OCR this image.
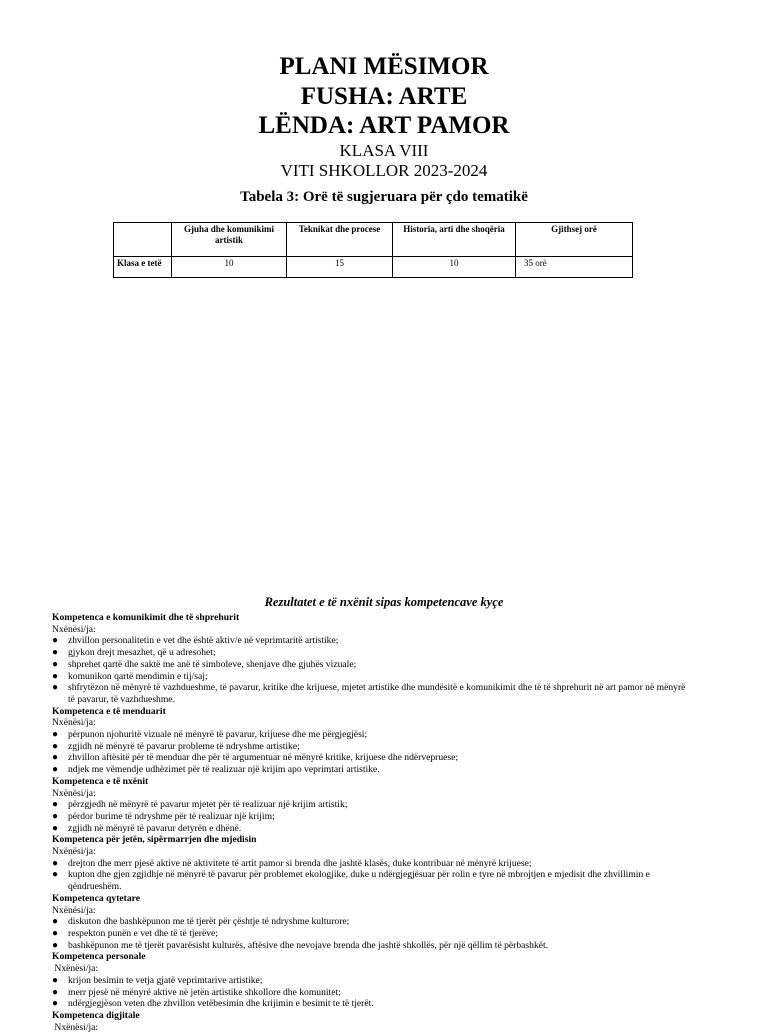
PLANI MËSIMOR
FUSHA: ARTE
LËNDA: ART PAMOR
KLASA VIII
VITI SHKOLLOR 2023-2024
Tabela 3: Orë të sugjeruara për çdo tematikë
	Gjuha dhe komunikimi artistik	Teknikat dhe procese	Historia, arti dhe shoqëria	Gjithsej orë
Klasa e tetë	10	15	10	35 orë
Rezultatet e të nxënit sipas kompetencave kyçe
Kompetenca e komunikimit dhe të shprehurit
Nxënësi/ja:
● zhvillon personalitetin e vet dhe është aktiv/e në veprimtaritë artistike;
● gjykon drejt mesazhet, që u adresohet;
● shprehet qartë dhe saktë me anë të simboleve, shenjave dhe gjuhës vizuale;
● komunikon qartë mendimin e tij/saj;
● shfrytëzon në mënyrë të vazhdueshme, të pavarur, kritike dhe krijuese, mjetet artistike dhe mundësitë e komunikimit dhe të të shprehurit në art pamor në mënyrë të pavarur, të vazhdueshme.
Kompetenca e të menduarit
Nxënësi/ja:
● përpunon njohuritë vizuale në mënyrë të pavarur, krijuese dhe me përgjegjësi;
● zgjidh në mënyrë të pavarur probleme të ndryshme artistike;
● zhvillon aftësitë për të menduar dhe për të argumentuar në mënyrë kritike, krijuese dhe ndërvepruese;
● ndjek me vëmendje udhëzimet për të realizuar një krijim apo veprimtari artistike.
Kompetenca e të nxënit
Nxënësi/ja:
● përzgjedh në mënyrë të pavarur mjetet për të realizuar një krijim artistik;
● përdor burime të ndryshme për të realizuar një krijim;
● zgjidh në mënyrë të pavarur detyrën e dhënë.
Kompetenca për jetën, sipërmarrjen dhe mjedisin
Nxënësi/ja:
● drejton dhe merr pjesë aktive në aktivitete të artit pamor si brenda dhe jashtë klasës, duke kontribuar në mënyrë krijuese;
● kupton dhe gjen zgjidhje në mënyrë të pavarur për problemet ekologjike, duke u ndërgjegjësuar për rolin e tyre në mbrojtjen e mjedisit dhe zhvillimin e qëndrueshëm.
Kompetenca qytetare
Nxënësi/ja:
● diskuton dhe bashkëpunon me të tjerët për çështje të ndryshme kulturore;
● respekton punën e vet dhe të të tjerëve;
● bashkëpunon me të tjerët pavarësisht kulturës, aftësive dhe nevojave brenda dhe jashtë shkollës, për një qëllim të përbashkët.
Kompetenca personale
Nxënësi/ja:
● krijon besimin te vetja gjatë veprimtarive artistike;
● merr pjesë në mënyrë aktive në jetën artistike shkollore dhe komunitet;
● ndërgjegjëson veten dhe zhvillon vetëbesimin dhe krijimin e besimit te të tjerët.
Kompetenca digjitale
Nxënësi/ja:
